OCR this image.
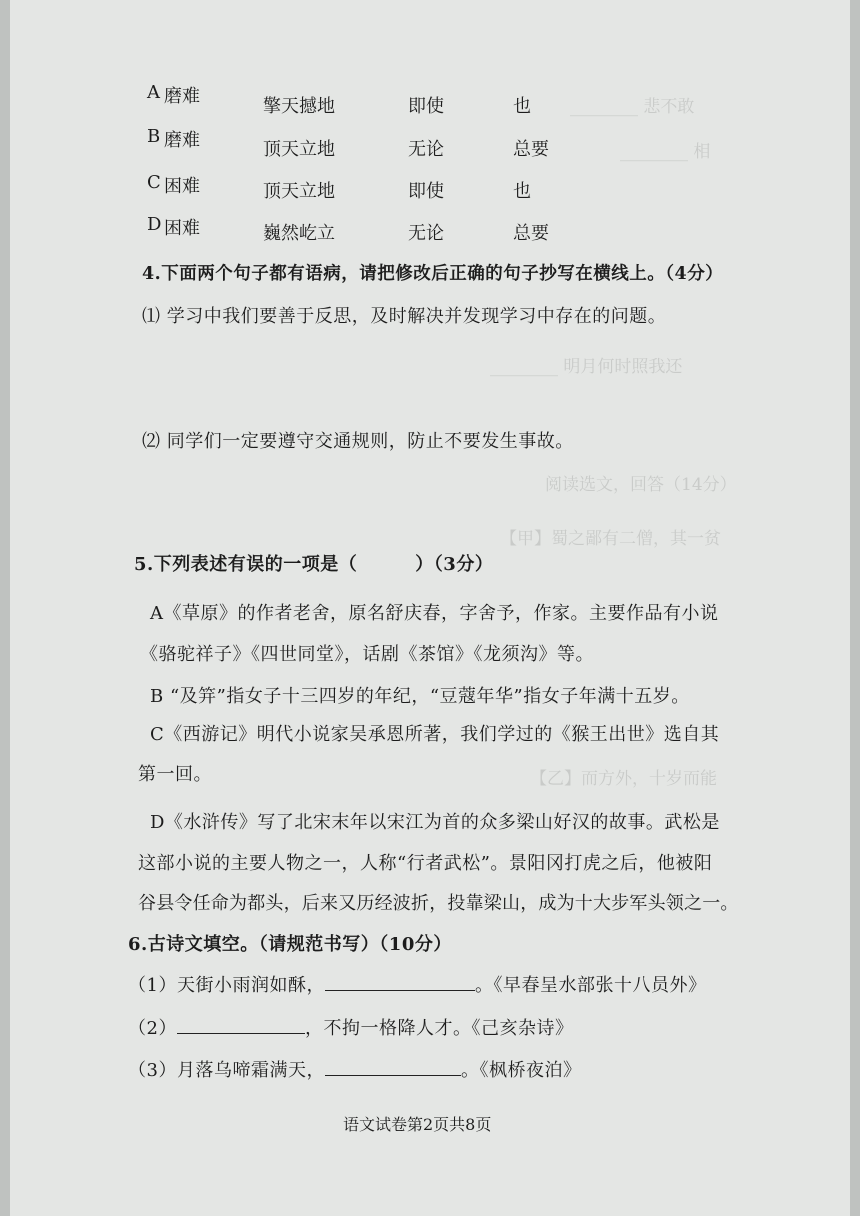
________ 悲不敢
________ 相
________ 明月何时照我还
阅读选文，回答（14分）
【甲】蜀之鄙有二僧，其一贫
【乙】而方外，十岁而能
A 磨难	擎天撼地	即使	也
B 磨难	顶天立地	无论	总要
C 困难	顶天立地	即使	也
D 困难	巍然屹立	无论	总要
4.下面两个句子都有语病，请把修改后正确的句子抄写在横线上。（4分）
⑴ 学习中我们要善于反思，及时解决并发现学习中存在的问题。
⑵ 同学们一定要遵守交通规则，防止不要发生事故。
5.下列表述有误的一项是（	）（3分）
A《草原》的作者老舍，原名舒庆春，字舍予，作家。主要作品有小说
《骆驼祥子》《四世同堂》，话剧《茶馆》《龙须沟》等。
B “及笄”指女子十三四岁的年纪，“豆蔻年华”指女子年满十五岁。
C《西游记》明代小说家吴承恩所著，我们学过的《猴王出世》选自其
第一回。
D《水浒传》写了北宋末年以宋江为首的众多梁山好汉的故事。武松是
这部小说的主要人物之一，人称“行者武松”。景阳冈打虎之后，他被阳
谷县令任命为都头，后来又历经波折，投靠梁山，成为十大步军头领之一。
6.古诗文填空。（请规范书写）（10分）
（1）天街小雨润如酥，	。《早春呈水部张十八员外》
（2）	，不拘一格降人才。《己亥杂诗》
（3）月落乌啼霜满天，	。《枫桥夜泊》
语文试卷第2页共8页
